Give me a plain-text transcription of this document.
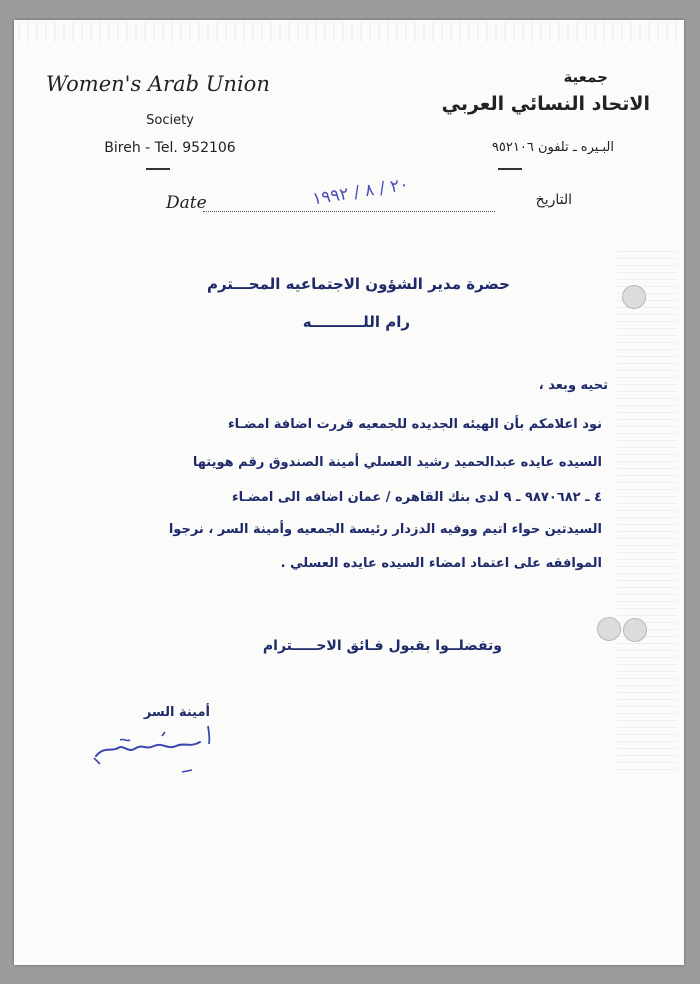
Women's Arab Union
Society
Bireh - Tel. 952106
جمعية
الاتحاد النسائي العربي
البـيره ـ تلفون ٩٥٢١٠٦
Date	التاريخ
٢٠ / ٨ / ١٩٩٢
حضرة مدير الشؤون الاجتماعيه المحـــترم
رام اللــــــــــه
تحيه وبعد ،
نود اعلامكم بأن الهيئه الجديده للجمعيه قررت اضافة امضـاء
السيده عايده عبدالحميد رشيد العسلي أمينة الصندوق رقم هويتها
٤ ـ ٩٨٧٠٦٨٢ ـ ٩ لدى بنك القاهره / عمان اضافه الى امضـاء
السيدتين حواء اتيم ووفيه الدزدار رئيسة الجمعيه وأمينة السر ، نرجوا
الموافقه على اعتماد امضاء السيده عايده العسلي .
وتفضلــوا بقبول فـائق الاحـــــترام
أمينة السر
